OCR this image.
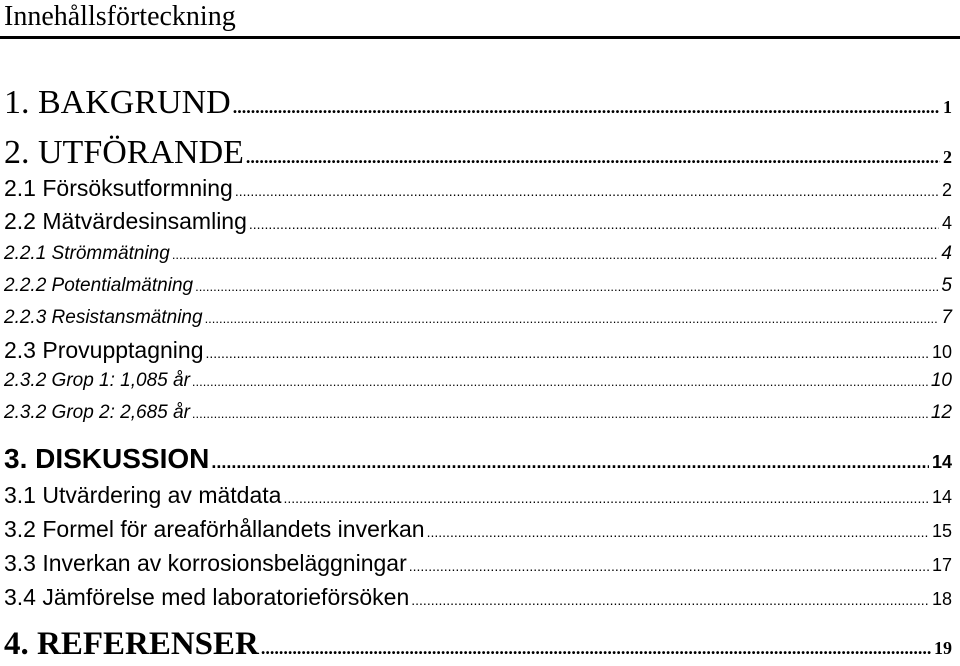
Innehållsförteckning
1. BAKGRUND .....	1
2. UTFÖRANDE .....	2
2.1 Försöksutformning .....	2
2.2 Mätvärdesinsamling .....	4
2.2.1 Strömmätning .....	4
2.2.2 Potentialmätning .....	5
2.2.3 Resistansmätning .....	7
2.3 Provupptagning .....	10
2.3.2 Grop 1: 1,085 år .....	10
2.3.2 Grop 2: 2,685 år .....	12
3. DISKUSSION .....	14
3.1 Utvärdering av mätdata .....	14
3.2 Formel för areaförhållandets inverkan .....	15
3.3 Inverkan av korrosionsbeläggningar .....	17
3.4 Jämförelse med laboratorieförsöken .....	18
4. REFERENSER .....	19
